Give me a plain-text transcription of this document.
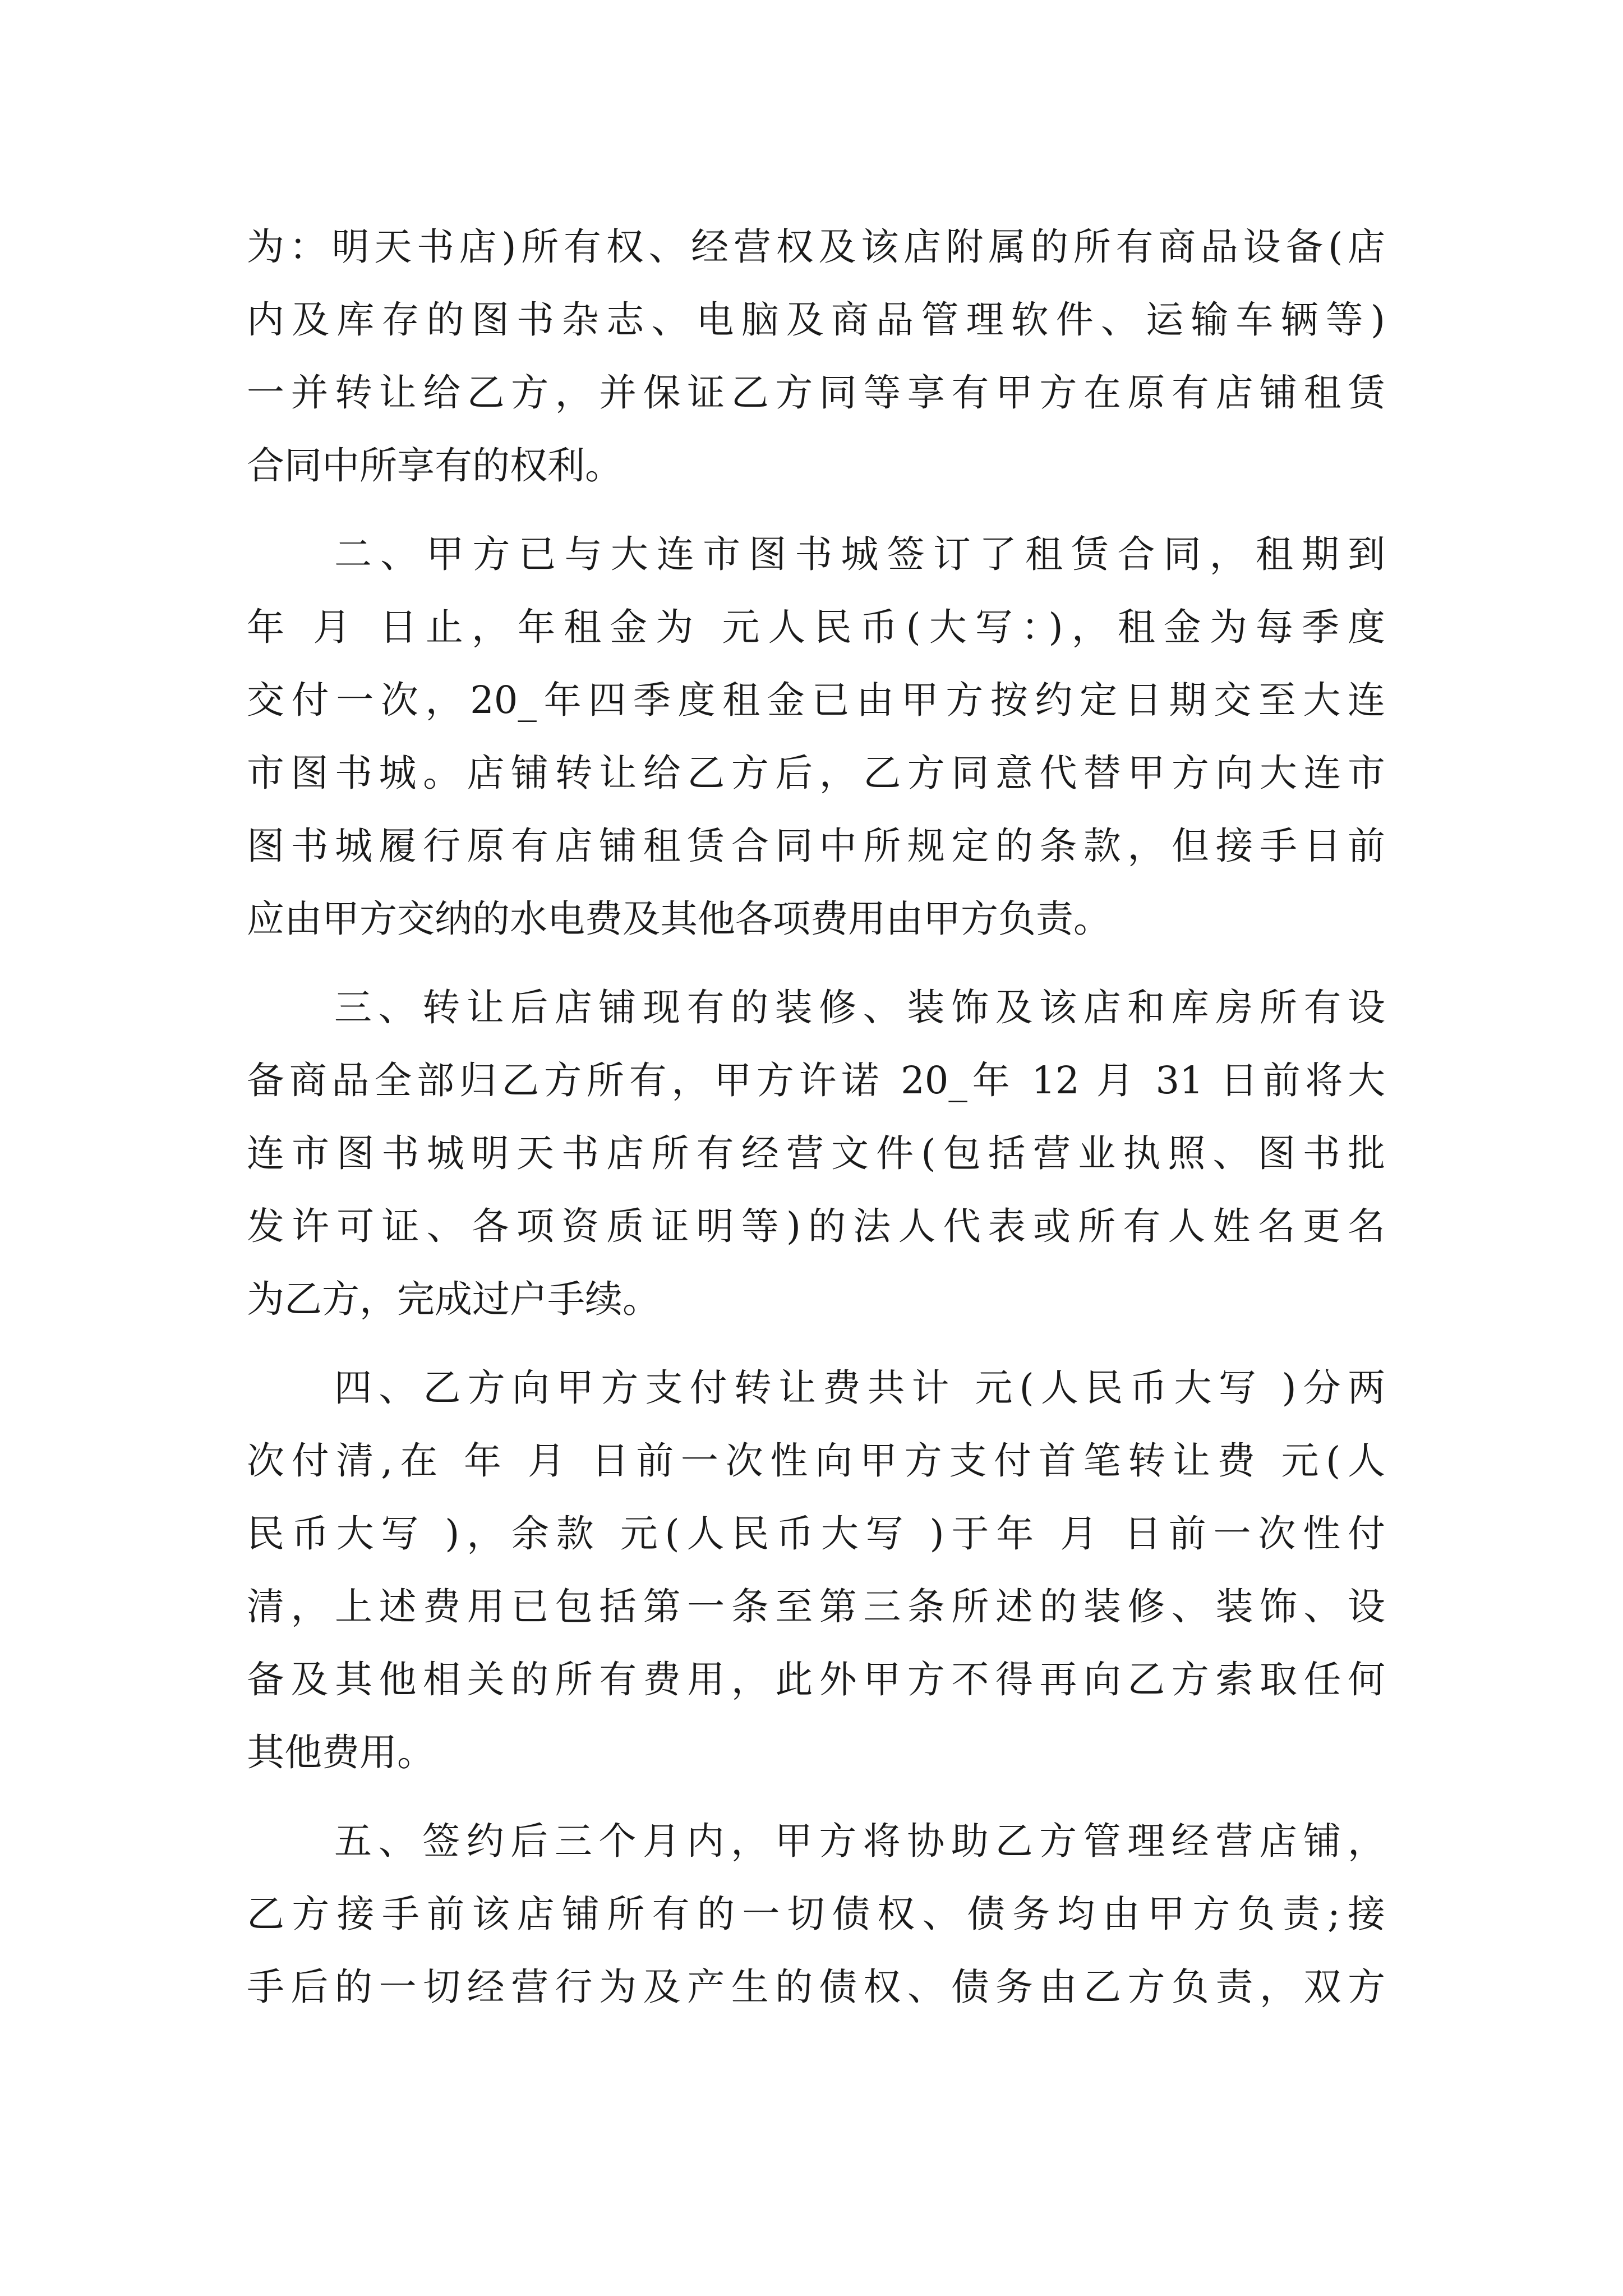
为：明天书店)所有权、经营权及该店附属的所有商品设备(店
内及库存的图书杂志、电脑及商品管理软件、运输车辆等)
一并转让给乙方，并保证乙方同等享有甲方在原有店铺租赁
合同中所享有的权利。
二、甲方已与大连市图书城签订了租赁合同，租期到
年 月 日止，年租金为 元人民币(大写：)，租金为每季度
交付一次，20_年四季度租金已由甲方按约定日期交至大连
市图书城。店铺转让给乙方后，乙方同意代替甲方向大连市
图书城履行原有店铺租赁合同中所规定的条款，但接手日前
应由甲方交纳的水电费及其他各项费用由甲方负责。
三、转让后店铺现有的装修、装饰及该店和库房所有设
备商品全部归乙方所有，甲方许诺 20_年 12 月 31 日前将大
连市图书城明天书店所有经营文件(包括营业执照、图书批
发许可证、各项资质证明等)的法人代表或所有人姓名更名
为乙方，完成过户手续。
四、乙方向甲方支付转让费共计 元(人民币大写 )分两
次付清,在 年 月 日前一次性向甲方支付首笔转让费 元(人
民币大写 )，余款 元(人民币大写 )于年 月 日前一次性付
清，上述费用已包括第一条至第三条所述的装修、装饰、设
备及其他相关的所有费用，此外甲方不得再向乙方索取任何
其他费用。
五、签约后三个月内，甲方将协助乙方管理经营店铺，
乙方接手前该店铺所有的一切债权、债务均由甲方负责;接
手后的一切经营行为及产生的债权、债务由乙方负责，双方
